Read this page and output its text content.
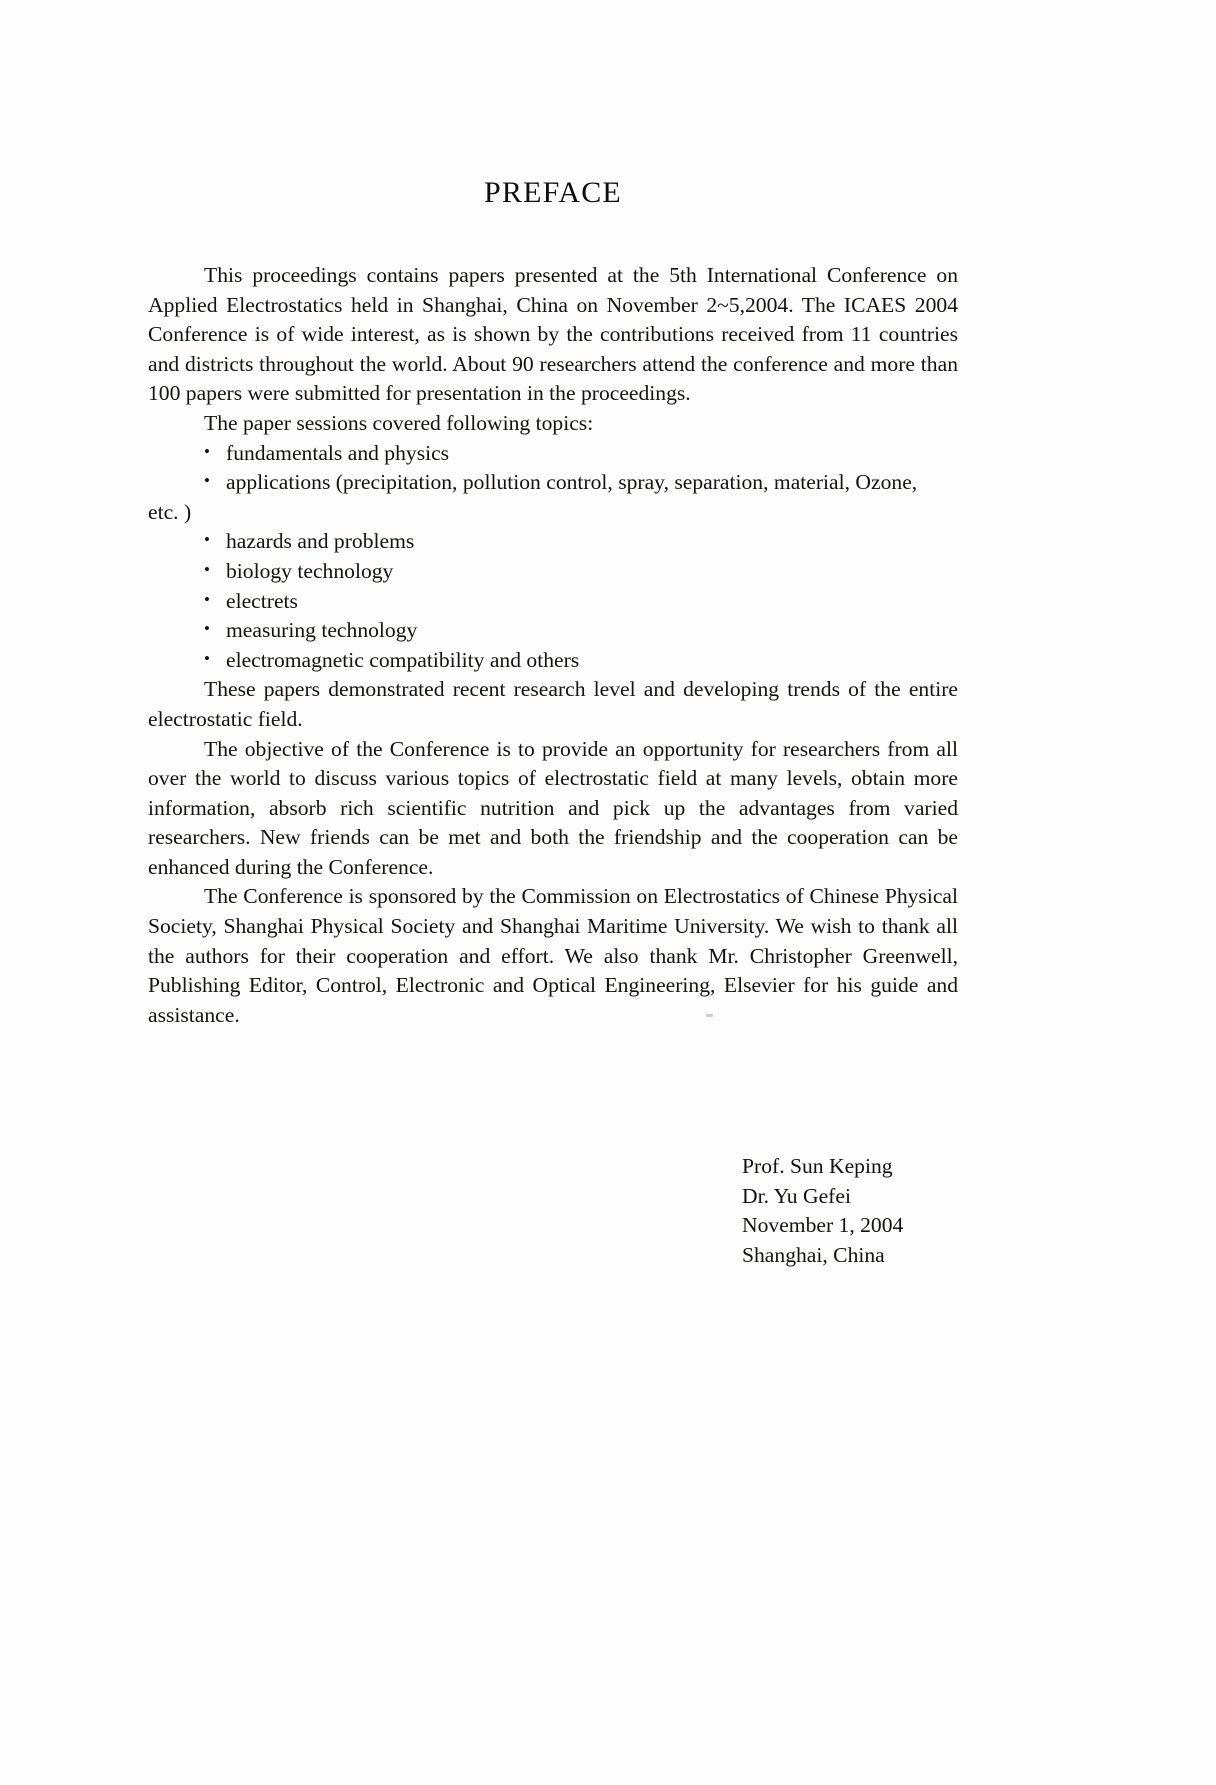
PREFACE

This proceedings contains papers presented at the 5th International Conference on Applied Electrostatics held in Shanghai, China on November 2~5,2004. The ICAES 2004 Conference is of wide interest, as is shown by the contributions received from 11 countries and districts throughout the world. About 90 researchers attend the conference and more than 100 papers were submitted for presentation in the proceedings.

The paper sessions covered following topics:

• fundamentals and physics
• applications (precipitation, pollution control, spray, separation, material, Ozone,
etc. )
• hazards and problems
• biology technology
• electrets
• measuring technology
• electromagnetic compatibility and others

These papers demonstrated recent research level and developing trends of the entire electrostatic field.

The objective of the Conference is to provide an opportunity for researchers from all over the world to discuss various topics of electrostatic field at many levels, obtain more information, absorb rich scientific nutrition and pick up the advantages from varied researchers. New friends can be met and both the friendship and the cooperation can be enhanced during the Conference.

The Conference is sponsored by the Commission on Electrostatics of Chinese Physical Society, Shanghai Physical Society and Shanghai Maritime University. We wish to thank all the authors for their cooperation and effort. We also thank Mr. Christopher Greenwell, Publishing Editor, Control, Electronic and Optical Engineering, Elsevier for his guide and assistance.

Prof. Sun Keping
Dr. Yu Gefei
November 1, 2004
Shanghai, China
